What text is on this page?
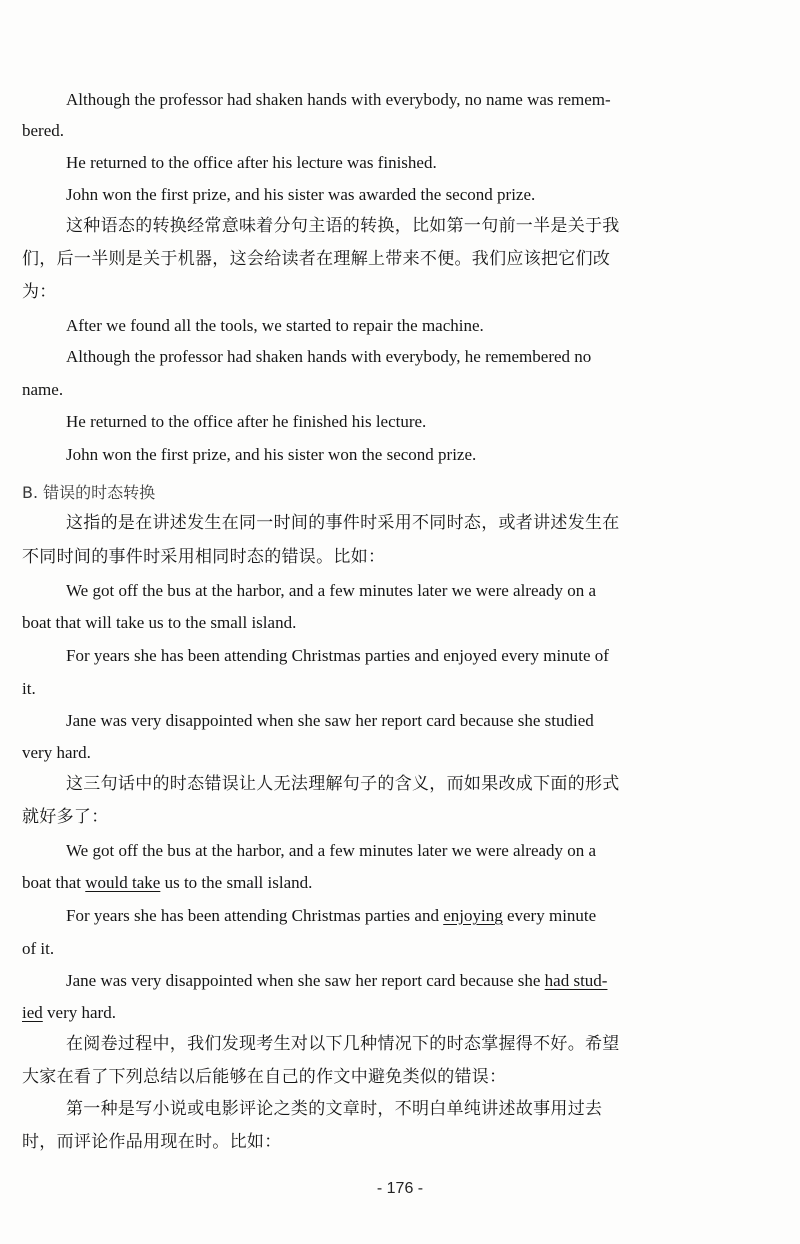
Although the professor had shaken hands with everybody, no name was remem-
bered.
He returned to the office after his lecture was finished.
John won the first prize, and his sister was awarded the second prize.
这种语态的转换经常意味着分句主语的转换，比如第一句前一半是关于我
们，后一半则是关于机器，这会给读者在理解上带来不便。我们应该把它们改
为：
After we found all the tools, we started to repair the machine.
Although the professor had shaken hands with everybody, he remembered no
name.
He returned to the office after he finished his lecture.
John won the first prize, and his sister won the second prize.
B. 错误的时态转换
这指的是在讲述发生在同一时间的事件时采用不同时态，或者讲述发生在
不同时间的事件时采用相同时态的错误。比如：
We got off the bus at the harbor, and a few minutes later we were already on a
boat that will take us to the small island.
For years she has been attending Christmas parties and enjoyed every minute of
it.
Jane was very disappointed when she saw her report card because she studied
very hard.
这三句话中的时态错误让人无法理解句子的含义，而如果改成下面的形式
就好多了：
We got off the bus at the harbor, and a few minutes later we were already on a
boat that would take us to the small island.
For years she has been attending Christmas parties and enjoying every minute
of it.
Jane was very disappointed when she saw her report card because she had stud-
ied very hard.
在阅卷过程中，我们发现考生对以下几种情况下的时态掌握得不好。希望
大家在看了下列总结以后能够在自己的作文中避免类似的错误：
第一种是写小说或电影评论之类的文章时，不明白单纯讲述故事用过去
时，而评论作品用现在时。比如：
- 176 -
